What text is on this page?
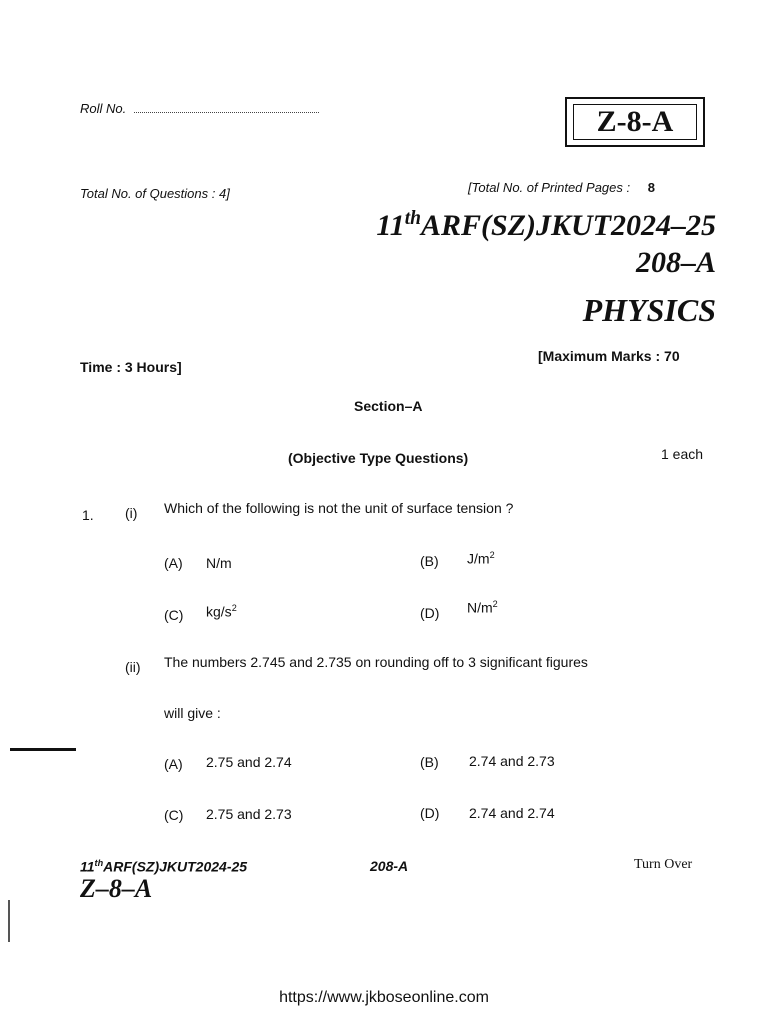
Roll No.	Z-8-A
Total No. of Questions : 4]	[Total No. of Printed Pages : 8
11thARF(SZ)JKUT2024–25
208–A
PHYSICS
Time : 3 Hours]
[Maximum Marks : 70
Section–A
(Objective Type Questions)	1 each
1. (i) Which of the following is not the unit of surface tension ?
(A) N/m	(B) $J/m^2$
(C) $kg/s^2$	(D) $N/m^2$
(ii) The numbers 2.745 and 2.735 on rounding off to 3 significant figures
will give :
(A) 2.75 and 2.74	(B) 2.74 and 2.73
(C) 2.75 and 2.73	(D) 2.74 and 2.74
11thARF(SZ)JKUT2024-25	208-A	Turn Over
Z–8–A
https://www.jkboseonline.com
